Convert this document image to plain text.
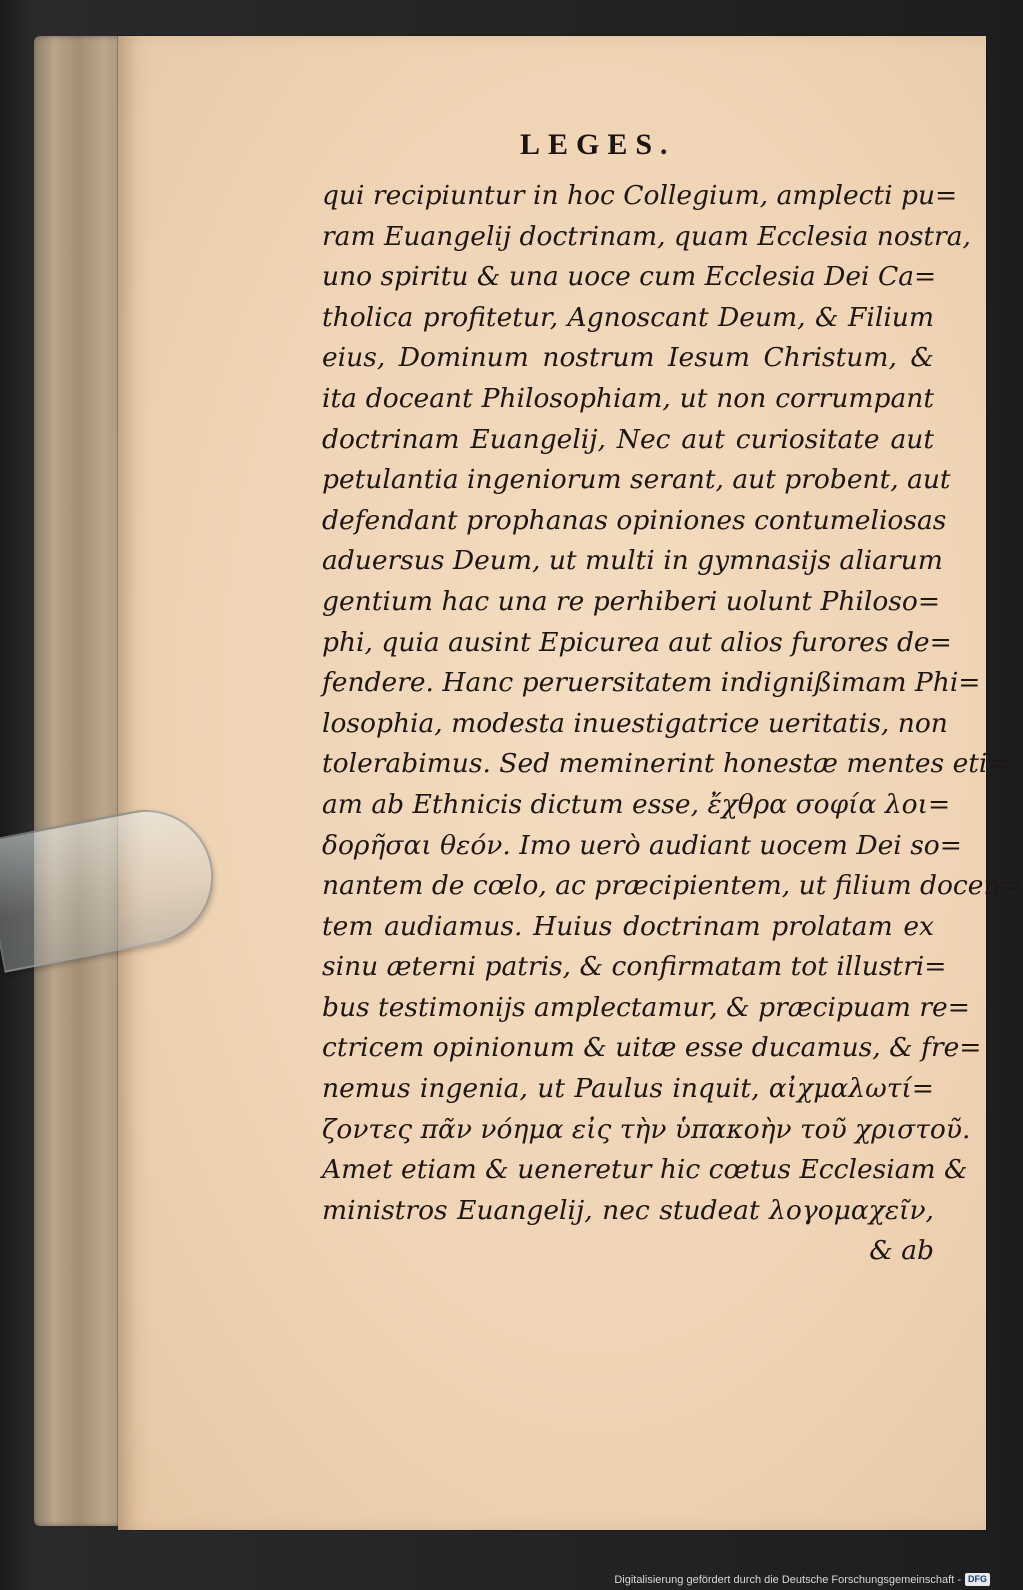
LEGES.
qui recipiuntur in hoc Collegium, amplecti pu=
ram Euangelij doctrinam, quam Ecclesia nostra,
uno spiritu & una uoce cum Ecclesia Dei Ca=
tholica profitetur, Agnoscant Deum, & Filium
eius, Dominum nostrum Iesum Christum, &
ita doceant Philosophiam, ut non corrumpant
doctrinam Euangelij, Nec aut curiositate aut
petulantia ingeniorum serant, aut probent, aut
defendant prophanas opiniones contumeliosas
aduersus Deum, ut multi in gymnasijs aliarum
gentium hac una re perhiberi uolunt Philoso=
phi, quia ausint Epicurea aut alios furores de=
fendere. Hanc peruersitatem indignißimam Phi=
losophia, modesta inuestigatrice ueritatis, non
tolerabimus. Sed meminerint honestæ mentes eti=
am ab Ethnicis dictum esse, ἔχθρα σοφία λοι=
δορῆσαι θεόν. Imo uerò audiant uocem Dei so=
nantem de cœlo, ac præcipientem, ut filium docen=
tem audiamus. Huius doctrinam prolatam ex
sinu æterni patris, & confirmatam tot illustri=
bus testimonijs amplectamur, & præcipuam re=
ctricem opinionum & uitæ esse ducamus, & fre=
nemus ingenia, ut Paulus inquit, αἰχμαλωτί=
ζοντες πᾶν νόημα εἰς τὴν ὑπακοὴν τοῦ χριστοῦ.
Amet etiam & ueneretur hic cœtus Ecclesiam &
ministros Euangelij, nec studeat λογομαχεῖν,
& ab
Digitalisierung gefördert durch die Deutsche Forschungsgemeinschaft - DFG
